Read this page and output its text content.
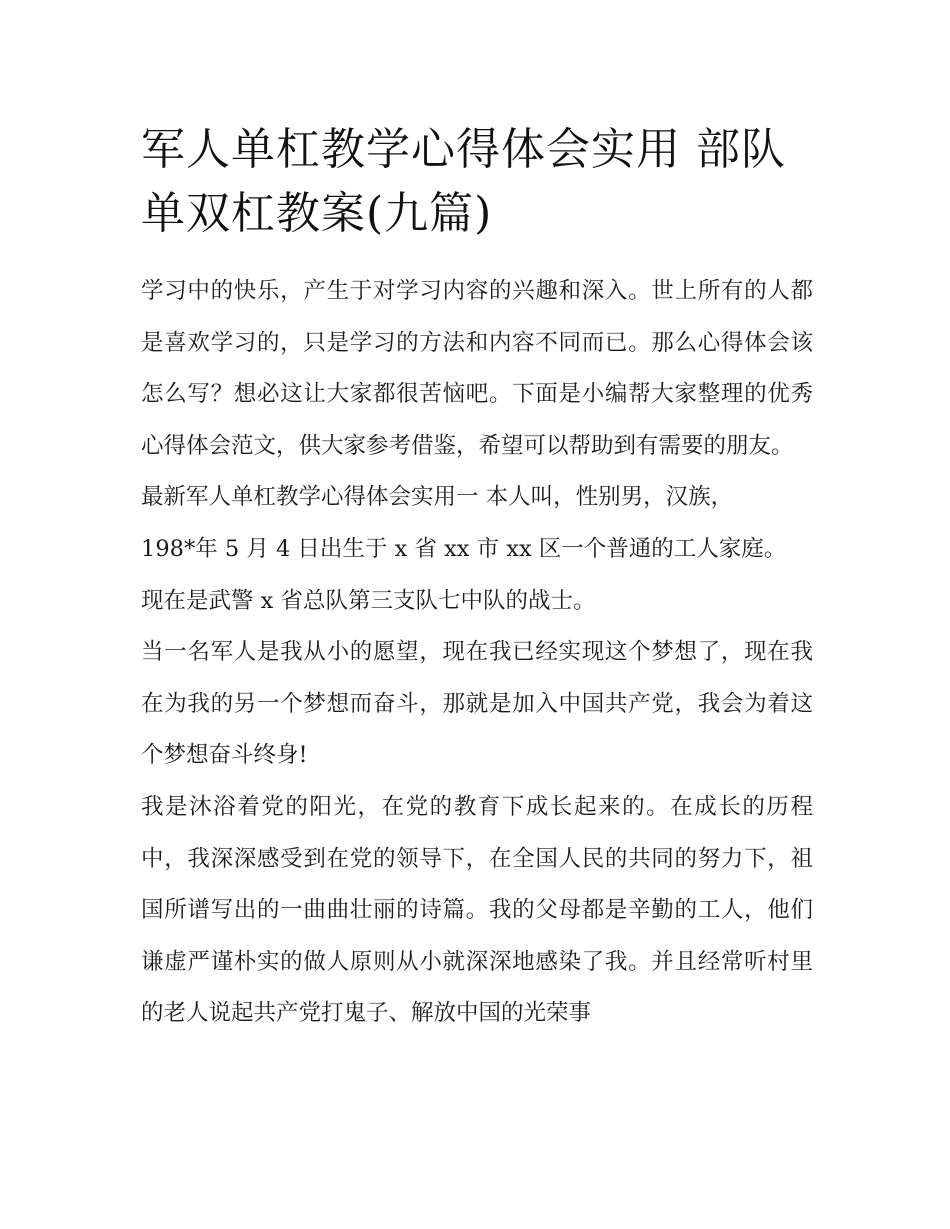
军人单杠教学心得体会实用 部队单双杠教案(九篇)

学习中的快乐，产生于对学习内容的兴趣和深入。世上所有的人都是喜欢学习的，只是学习的方法和内容不同而已。那么心得体会该怎么写？想必这让大家都很苦恼吧。下面是小编帮大家整理的优秀心得体会范文，供大家参考借鉴，希望可以帮助到有需要的朋友。

最新军人单杠教学心得体会实用一 本人叫，性别男，汉族，

198*年 5 月 4 日出生于 x 省 xx 市 xx 区一个普通的工人家庭。

现在是武警 x 省总队第三支队七中队的战士。

当一名军人是我从小的愿望，现在我已经实现这个梦想了，现在我在为我的另一个梦想而奋斗，那就是加入中国共产党，我会为着这个梦想奋斗终身!

我是沐浴着党的阳光，在党的教育下成长起来的。在成长的历程中，我深深感受到在党的领导下，在全国人民的共同的努力下，祖国所谱写出的一曲曲壮丽的诗篇。我的父母都是辛勤的工人，他们谦虚严谨朴实的做人原则从小就深深地感染了我。并且经常听村里的老人说起共产党打鬼子、解放中国的光荣事
